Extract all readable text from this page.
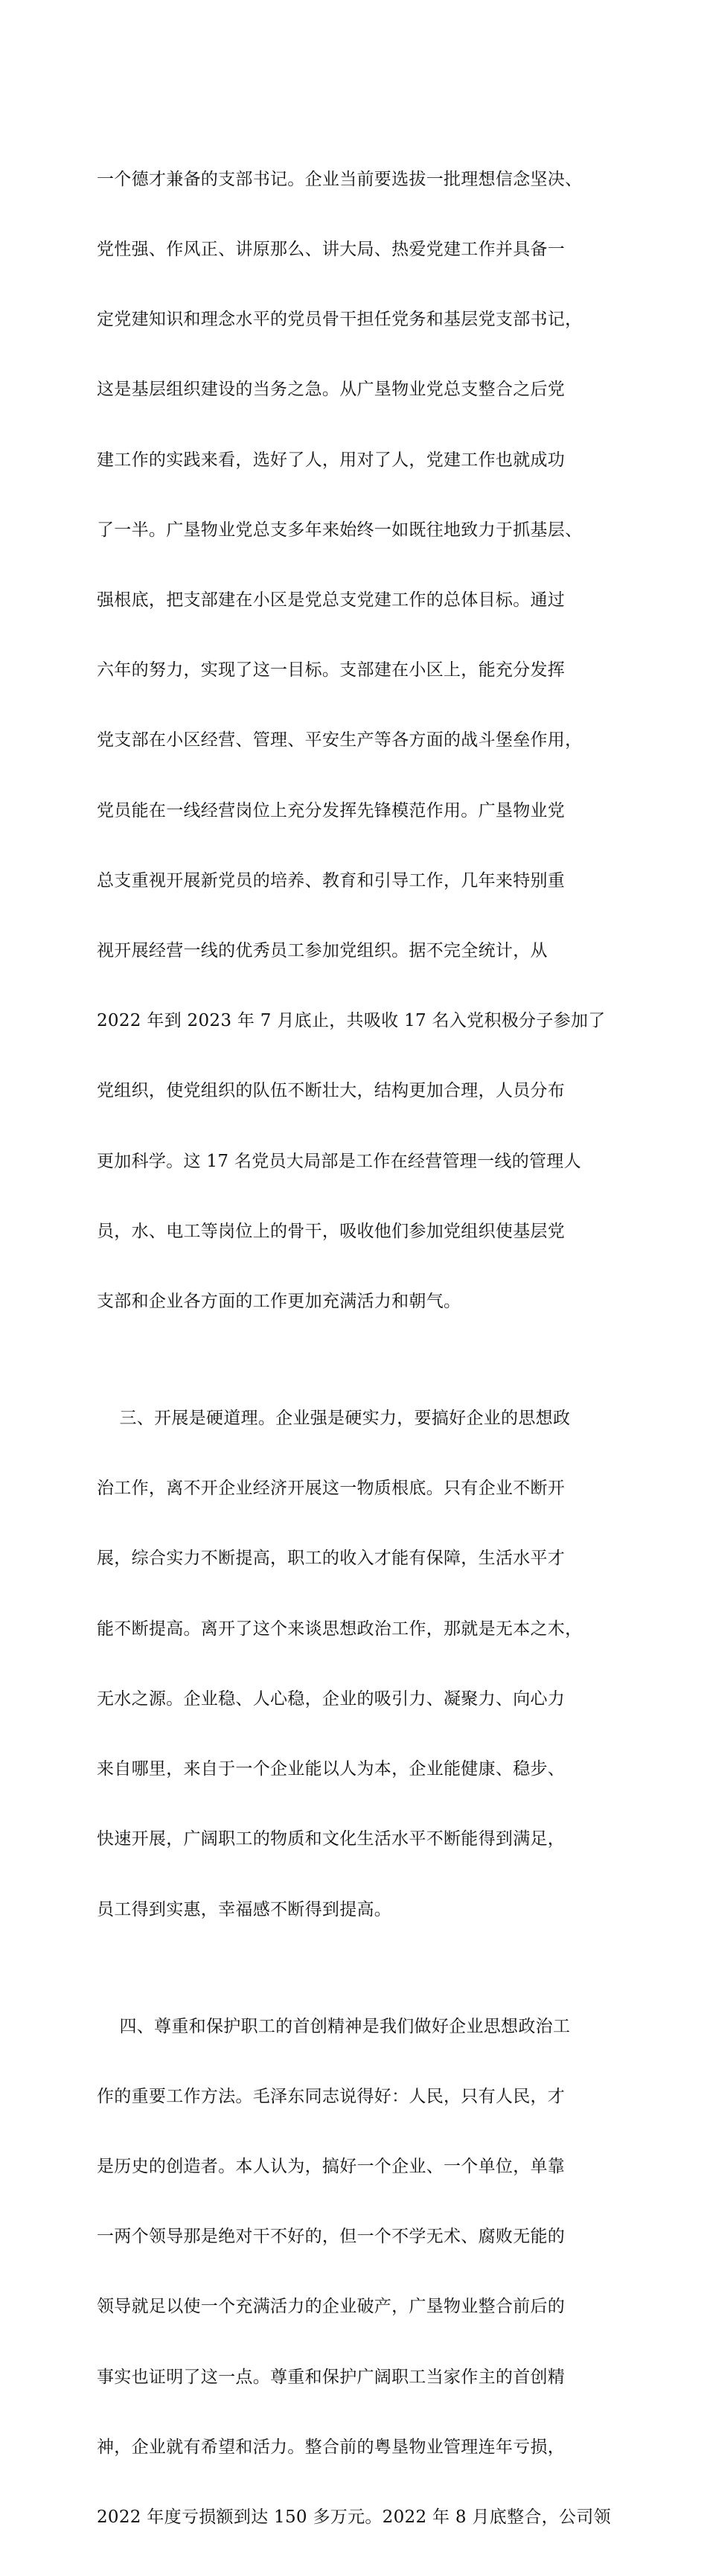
一个德才兼备的支部书记。企业当前要选拔一批理想信念坚决、

党性强、作风正、讲原那么、讲大局、热爱党建工作并具备一

定党建知识和理念水平的党员骨干担任党务和基层党支部书记，

这是基层组织建设的当务之急。从广垦物业党总支整合之后党

建工作的实践来看，选好了人，用对了人，党建工作也就成功

了一半。广垦物业党总支多年来始终一如既往地致力于抓基层、

强根底，把支部建在小区是党总支党建工作的总体目标。通过

六年的努力，实现了这一目标。支部建在小区上，能充分发挥

党支部在小区经营、管理、平安生产等各方面的战斗堡垒作用，

党员能在一线经营岗位上充分发挥先锋模范作用。广垦物业党

总支重视开展新党员的培养、教育和引导工作，几年来特别重

视开展经营一线的优秀员工参加党组织。据不完全统计，从

2022 年到 2023 年 7 月底止，共吸收 17 名入党积极分子参加了

党组织，使党组织的队伍不断壮大，结构更加合理，人员分布

更加科学。这 17 名党员大局部是工作在经营管理一线的管理人

员，水、电工等岗位上的骨干，吸收他们参加党组织使基层党

支部和企业各方面的工作更加充满活力和朝气。

三、开展是硬道理。企业强是硬实力，要搞好企业的思想政

治工作，离不开企业经济开展这一物质根底。只有企业不断开

展，综合实力不断提高，职工的收入才能有保障，生活水平才

能不断提高。离开了这个来谈思想政治工作，那就是无本之木，

无水之源。企业稳、人心稳，企业的吸引力、凝聚力、向心力

来自哪里，来自于一个企业能以人为本，企业能健康、稳步、

快速开展，广阔职工的物质和文化生活水平不断能得到满足，

员工得到实惠，幸福感不断得到提高。

四、尊重和保护职工的首创精神是我们做好企业思想政治工

作的重要工作方法。毛泽东同志说得好：人民，只有人民，才

是历史的创造者。本人认为，搞好一个企业、一个单位，单靠

一两个领导那是绝对干不好的，但一个不学无术、腐败无能的

领导就足以使一个充满活力的企业破产，广垦物业整合前后的

事实也证明了这一点。尊重和保护广阔职工当家作主的首创精

神，企业就有希望和活力。整合前的粤垦物业管理连年亏损，

2022 年度亏损额到达 150 多万元。2022 年 8 月底整合，公司领
